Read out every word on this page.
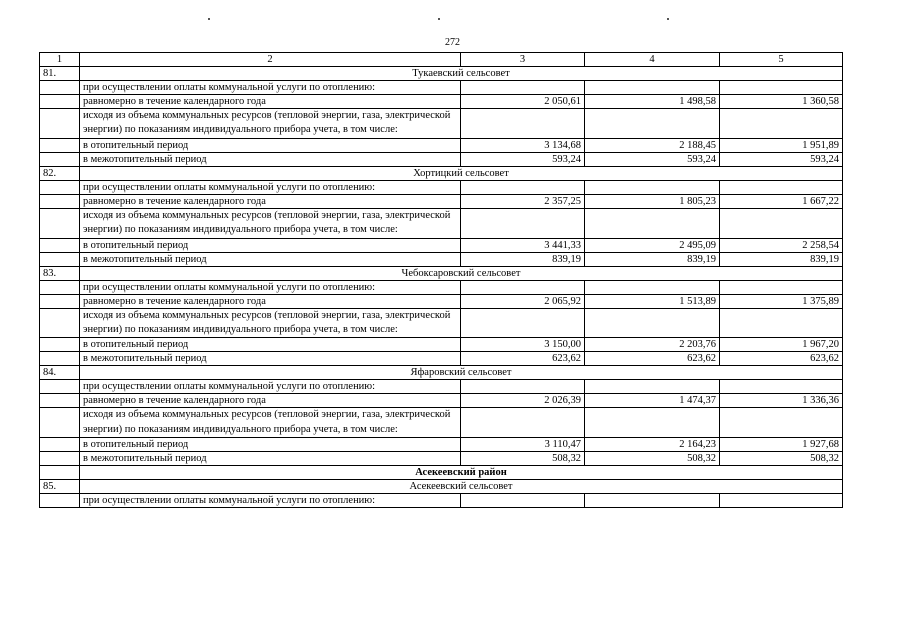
272
1	2	3	4	5
81.	Тукаевский сельсовет			
	при осуществлении оплаты коммунальной услуги по отоплению:			
	равномерно в течение календарного года	2 050,61	1 498,58	1 360,58
	исходя из объема коммунальных ресурсов (тепловой энергии, газа, электрической энергии) по показаниям индивидуального прибора учета, в том числе:			
	в отопительный период	3 134,68	2 188,45	1 951,89
	в межотопительный период	593,24	593,24	593,24
82.	Хортицкий сельсовет			
	при осуществлении оплаты коммунальной услуги по отоплению:			
	равномерно в течение календарного года	2 357,25	1 805,23	1 667,22
	исходя из объема коммунальных ресурсов (тепловой энергии, газа, электрической энергии) по показаниям индивидуального прибора учета, в том числе:			
	в отопительный период	3 441,33	2 495,09	2 258,54
	в межотопительный период	839,19	839,19	839,19
83.	Чебоксаровский сельсовет			
	при осуществлении оплаты коммунальной услуги по отоплению:			
	равномерно в течение календарного года	2 065,92	1 513,89	1 375,89
	исходя из объема коммунальных ресурсов (тепловой энергии, газа, электрической энергии) по показаниям индивидуального прибора учета, в том числе:			
	в отопительный период	3 150,00	2 203,76	1 967,20
	в межотопительный период	623,62	623,62	623,62
84.	Яфаровский сельсовет			
	при осуществлении оплаты коммунальной услуги по отоплению:			
	равномерно в течение календарного года	2 026,39	1 474,37	1 336,36
	исходя из объема коммунальных ресурсов (тепловой энергии, газа, электрической энергии) по показаниям индивидуального прибора учета, в том числе:			
	в отопительный период	3 110,47	2 164,23	1 927,68
	в межотопительный период	508,32	508,32	508,32
	Асекеевский район			
85.	Асекеевский сельсовет			
	при осуществлении оплаты коммунальной услуги по отоплению:			
